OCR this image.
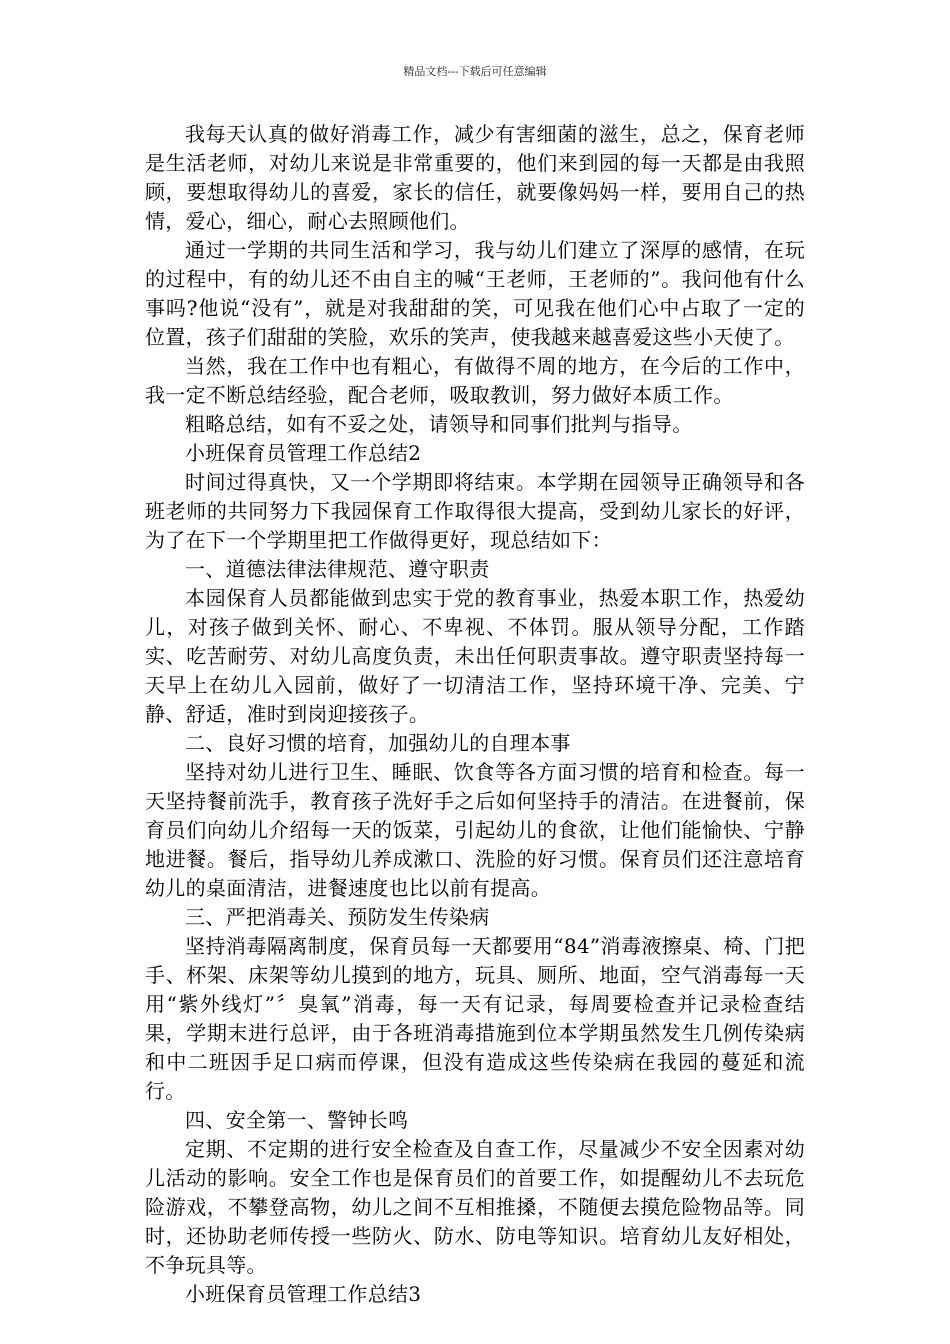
精品文档---下载后可任意编辑

我每天认真的做好消毒工作，减少有害细菌的滋生，总之，保育老师是生活老师，对幼儿来说是非常重要的，他们来到园的每一天都是由我照顾，要想取得幼儿的喜爱，家长的信任，就要像妈妈一样，要用自己的热情，爱心，细心，耐心去照顾他们。

通过一学期的共同生活和学习，我与幼儿们建立了深厚的感情，在玩的过程中，有的幼儿还不由自主的喊“王老师，王老师的”。我问他有什么事吗?他说“没有”，就是对我甜甜的笑，可见我在他们心中占取了一定的位置，孩子们甜甜的笑脸，欢乐的笑声，使我越来越喜爱这些小天使了。

当然，我在工作中也有粗心，有做得不周的地方，在今后的工作中，我一定不断总结经验，配合老师，吸取教训，努力做好本质工作。

粗略总结，如有不妥之处，请领导和同事们批判与指导。

小班保育员管理工作总结2

时间过得真快，又一个学期即将结束。本学期在园领导正确领导和各班老师的共同努力下我园保育工作取得很大提高，受到幼儿家长的好评，为了在下一个学期里把工作做得更好，现总结如下：

一、道德法律法律规范、遵守职责

本园保育人员都能做到忠实于党的教育事业，热爱本职工作，热爱幼儿，对孩子做到关怀、耐心、不卑视、不体罚。服从领导分配，工作踏实、吃苦耐劳、对幼儿高度负责，未出任何职责事故。遵守职责坚持每一天早上在幼儿入园前，做好了一切清洁工作，坚持环境干净、完美、宁静、舒适，准时到岗迎接孩子。

二、良好习惯的培育，加强幼儿的自理本事

坚持对幼儿进行卫生、睡眠、饮食等各方面习惯的培育和检查。每一天坚持餐前洗手，教育孩子洗好手之后如何坚持手的清洁。在进餐前，保育员们向幼儿介绍每一天的饭菜，引起幼儿的食欲，让他们能愉快、宁静地进餐。餐后，指导幼儿养成漱口、洗脸的好习惯。保育员们还注意培育幼儿的桌面清洁，进餐速度也比以前有提高。

三、严把消毒关、预防发生传染病

坚持消毒隔离制度，保育员每一天都要用“84”消毒液擦桌、椅、门把手、杯架、床架等幼儿摸到的地方，玩具、厕所、地面，空气消毒每一天用“紫外线灯”〞臭氧”消毒，每一天有记录，每周要检查并记录检查结果，学期末进行总评，由于各班消毒措施到位本学期虽然发生几例传染病和中二班因手足口病而停课，但没有造成这些传染病在我园的蔓延和流行。

四、安全第一、警钟长鸣

定期、不定期的进行安全检查及自查工作，尽量减少不安全因素对幼儿活动的影响。安全工作也是保育员们的首要工作，如提醒幼儿不去玩危险游戏，不攀登高物，幼儿之间不互相推搡，不随便去摸危险物品等。同时，还协助老师传授一些防火、防水、防电等知识。培育幼儿友好相处，不争玩具等。

小班保育员管理工作总结3
